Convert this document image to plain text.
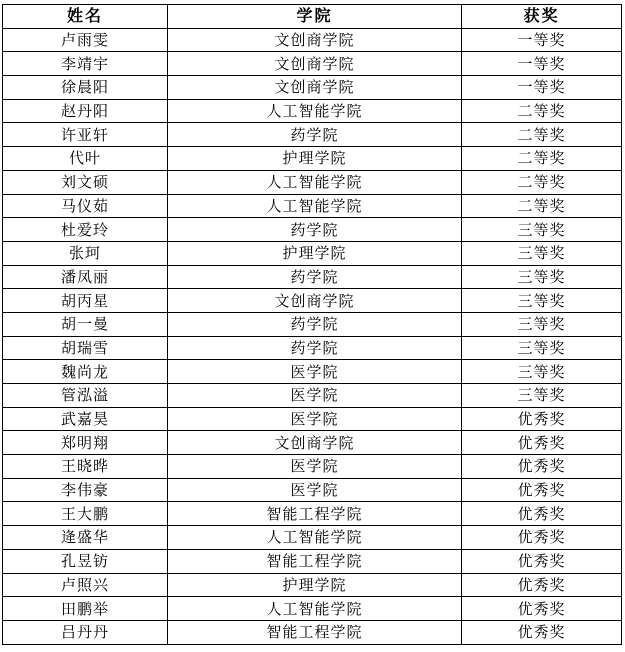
姓名	学院	获奖
卢雨雯	文创商学院	一等奖
李靖宇	文创商学院	一等奖
徐晨阳	文创商学院	一等奖
赵丹阳	人工智能学院	二等奖
许亚轩	药学院	二等奖
代叶	护理学院	二等奖
刘文硕	人工智能学院	二等奖
马仪茹	人工智能学院	二等奖
杜爱玲	药学院	三等奖
张珂	护理学院	三等奖
潘凤丽	药学院	三等奖
胡丙星	文创商学院	三等奖
胡一曼	药学院	三等奖
胡瑞雪	药学院	三等奖
魏尚龙	医学院	三等奖
管泓溢	医学院	三等奖
武嘉昊	医学院	优秀奖
郑明翔	文创商学院	优秀奖
王晓晔	医学院	优秀奖
李伟豪	医学院	优秀奖
王大鹏	智能工程学院	优秀奖
逄盛华	人工智能学院	优秀奖
孔昱钫	智能工程学院	优秀奖
卢照兴	护理学院	优秀奖
田鹏举	人工智能学院	优秀奖
吕丹丹	智能工程学院	优秀奖
